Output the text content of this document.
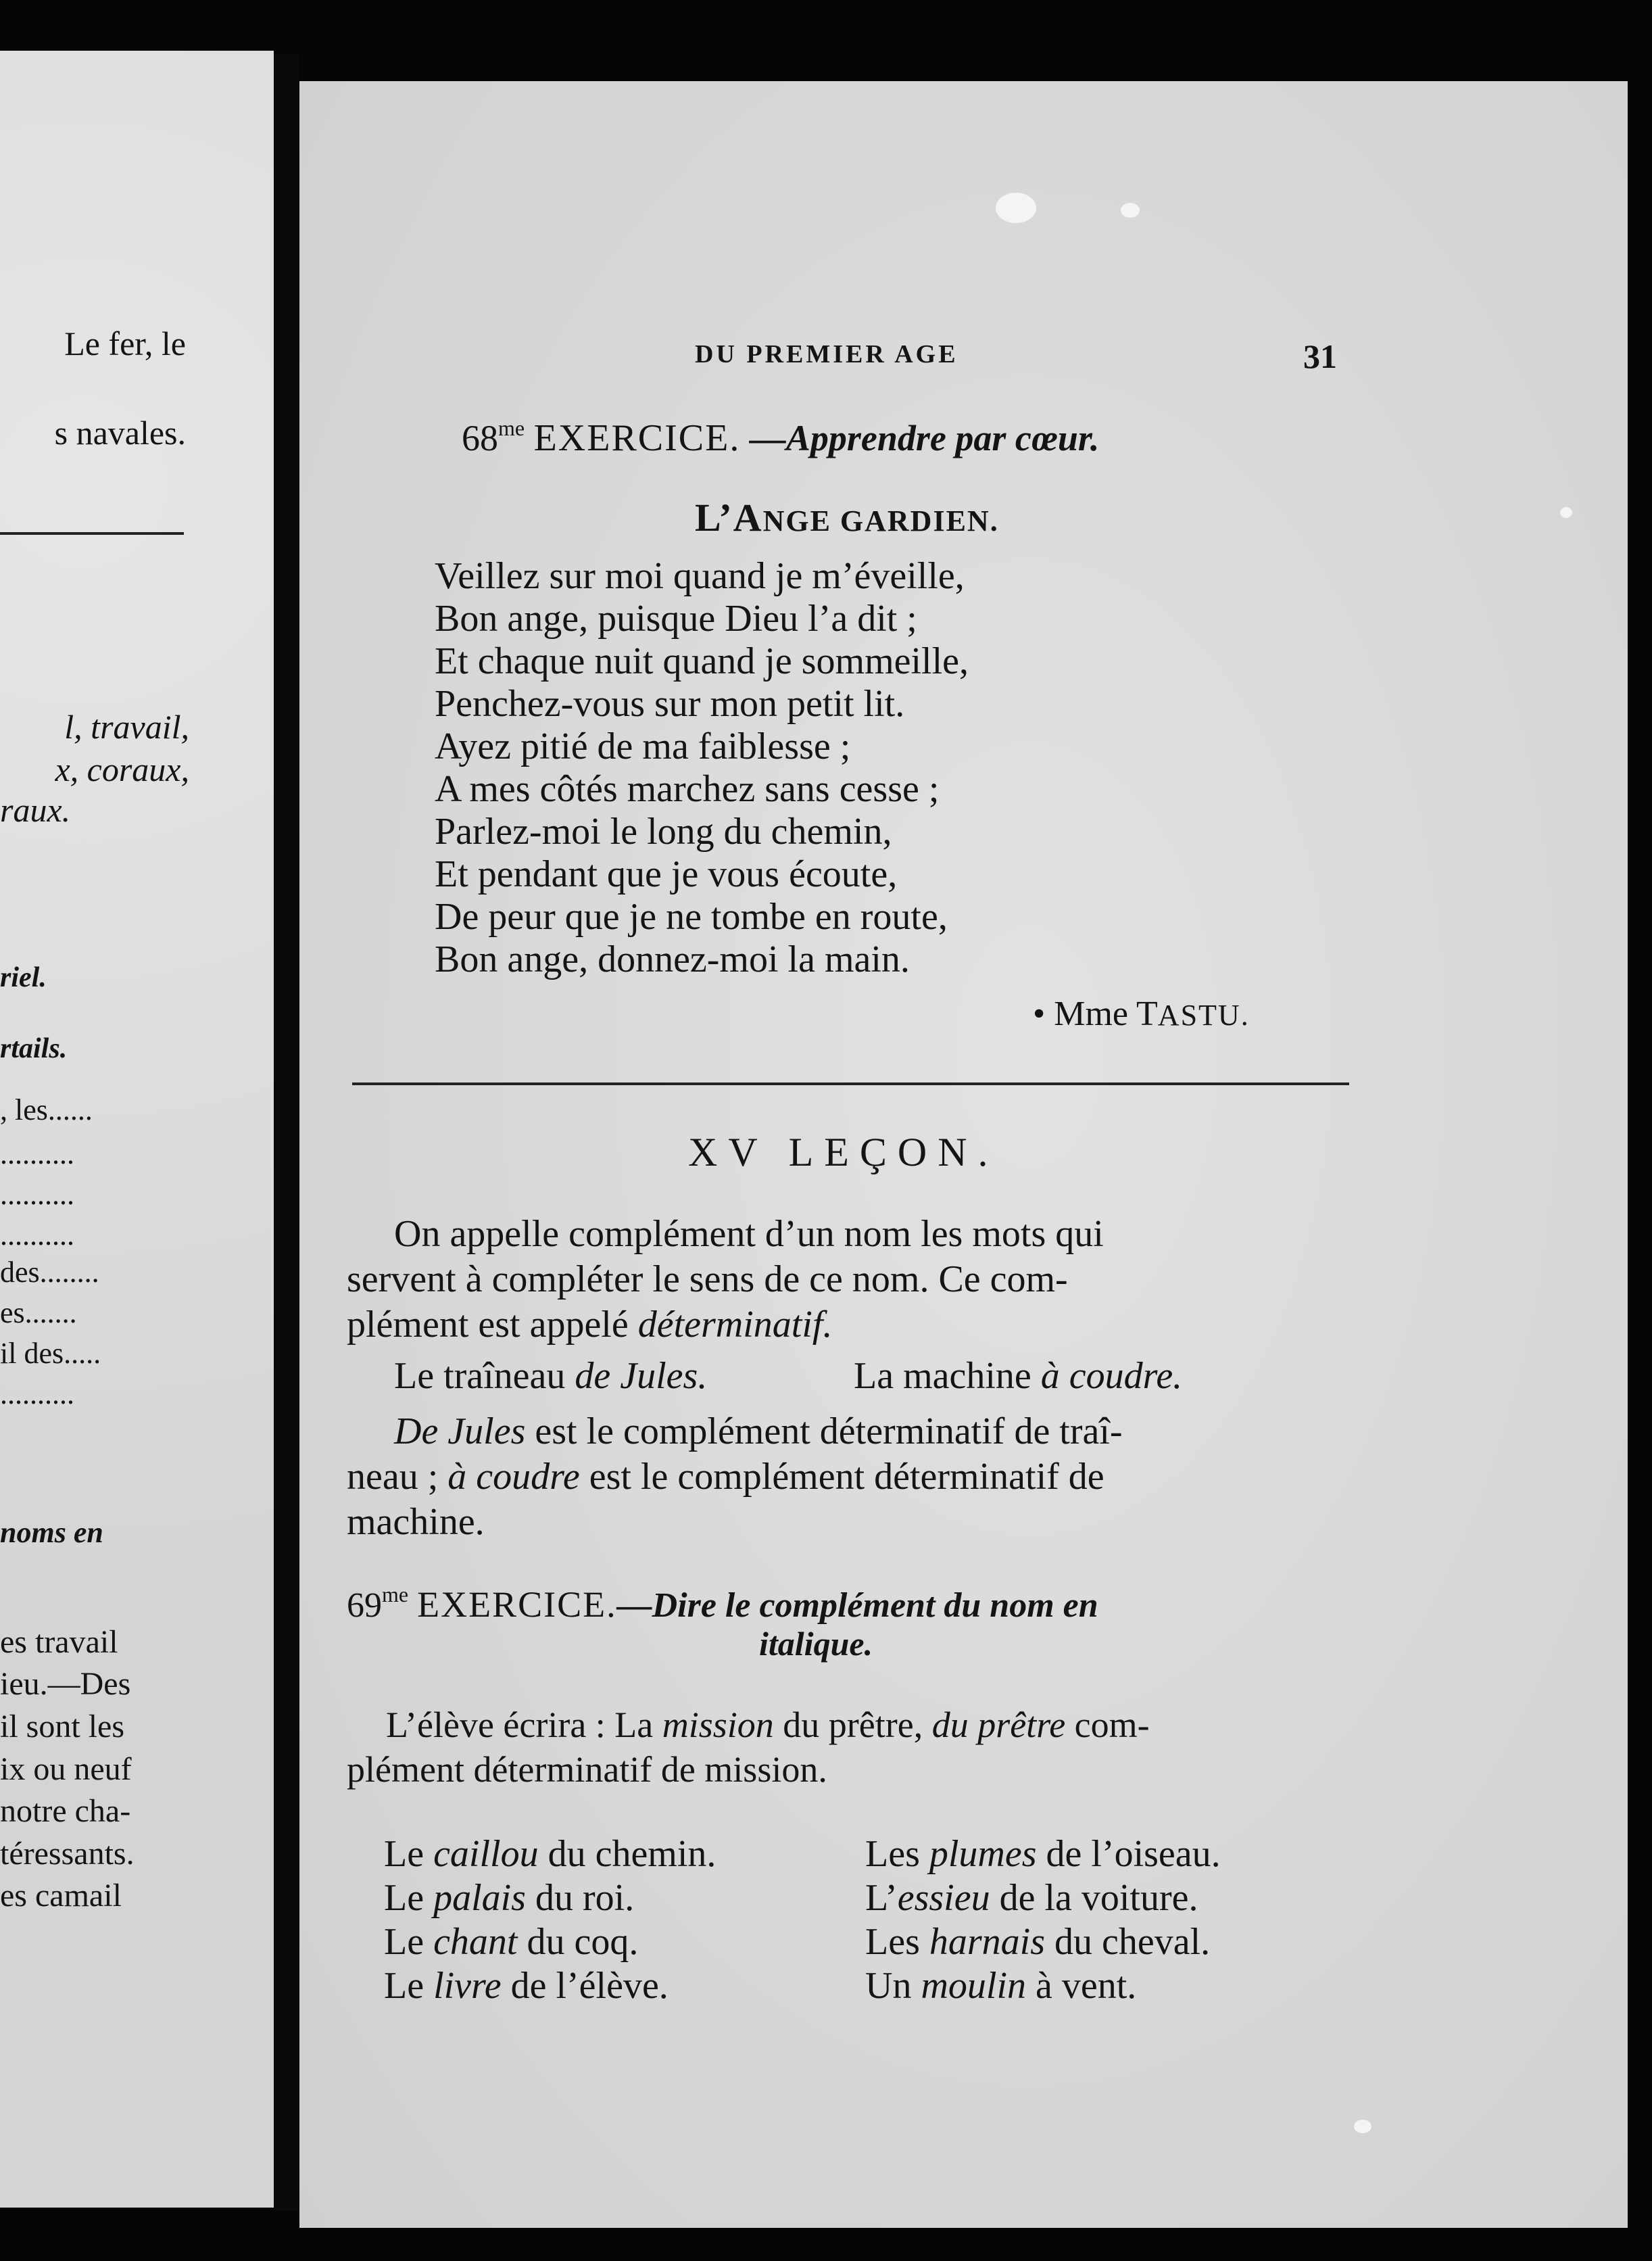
Le fer, le
s navales.
l, travail,
x, coraux,
raux.
riel.
rtails.
, les......
..........
..........
..........
des........
es.......
il des.....
..........
noms en
es travail
ieu.—Des
il sont les
ix ou neuf
notre cha-
téressants.
es camail
DU PREMIER AGE	31
$68^{me}$ EXERCICE. —Apprendre par cœur.
L’ANGE GARDIEN.
Veillez sur moi quand je m’éveille,
Bon ange, puisque Dieu l’a dit ;
Et chaque nuit quand je sommeille,
Penchez-vous sur mon petit lit.
Ayez pitié de ma faiblesse ;
A mes côtés marchez sans cesse ;
Parlez-moi le long du chemin,
Et pendant que je vous écoute,
De peur que je ne tombe en route,
Bon ange, donnez-moi la main.
• Mme TASTU.
XV LEÇON.
On appelle complément d’un nom les mots qui
servent à compléter le sens de ce nom. Ce com-
plément est appelé déterminatif.
Le traîneau de Jules.	La machine à coudre.
De Jules est le complément déterminatif de traî-
neau ; à coudre est le complément déterminatif de
machine.
$69^{me}$ EXERCICE.—Dire le complément du nom en
italique.
L’élève écrira : La mission du prêtre, du prêtre com-
plément déterminatif de mission.
Le caillou du chemin.
Le palais du roi.
Le chant du coq.
Le livre de l’élève.
Les plumes de l’oiseau.
L’essieu de la voiture.
Les harnais du cheval.
Un moulin à vent.
